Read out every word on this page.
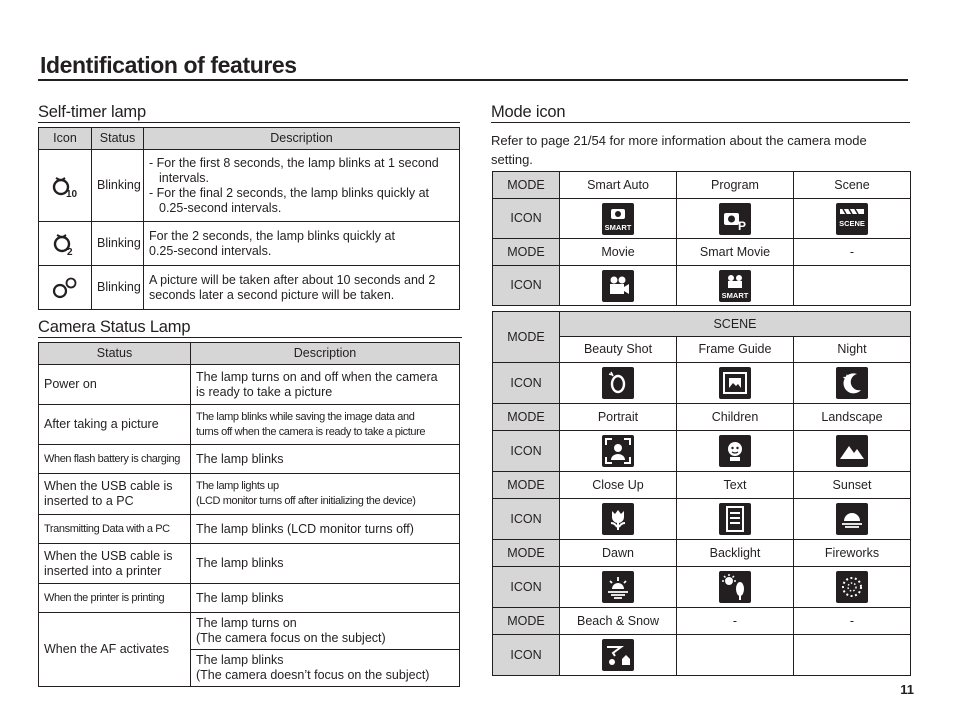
Identification of features
Self-timer lamp
Icon	Status	Description

10	Blinking	- For the first 8 seconds, the lamp blinks at 1 second

intervals.
- For the final 2 seconds, the lamp blinks quickly at

0.25-second intervals.

2	Blinking	For the 2 seconds, the lamp blinks quickly at
0.25-second intervals.
	Blinking	A picture will be taken after about 10 seconds and 2
seconds later a second picture will be taken.
Camera Status Lamp
Status	Description
Power on	The lamp turns on and off when the camera
is ready to take a picture
After taking a picture	The lamp blinks while saving the image data and
turns off when the camera is ready to take a picture
When flash battery is charging	The lamp blinks
When the USB cable is
inserted to a PC	The lamp lights up
(LCD monitor turns off after initializing the device)
Transmitting Data with a PC	The lamp blinks (LCD monitor turns off)
When the USB cable is
inserted into a printer	The lamp blinks
When the printer is printing	The lamp blinks
When the AF activates	The lamp turns on
(The camera focus on the subject)
	The lamp blinks
(The camera doesn’t focus on the subject)
Mode icon
Refer to page 21/54 for more information about the camera mode setting.
MODE	Smart Auto	Program	Scene
ICON	SMART	P	SCENE

MODE	Movie	Smart Movie	-
ICON		SMART	

MODE	SCENE		
	Beauty Shot	Frame Guide	Night
ICON	

MODE	Portrait	Children	Landscape
ICON	

MODE	Close Up	Text	Sunset
ICON	

MODE	Dawn	Backlight	Fireworks
ICON	

MODE	Beach & Snow	-	-
ICON	

11
